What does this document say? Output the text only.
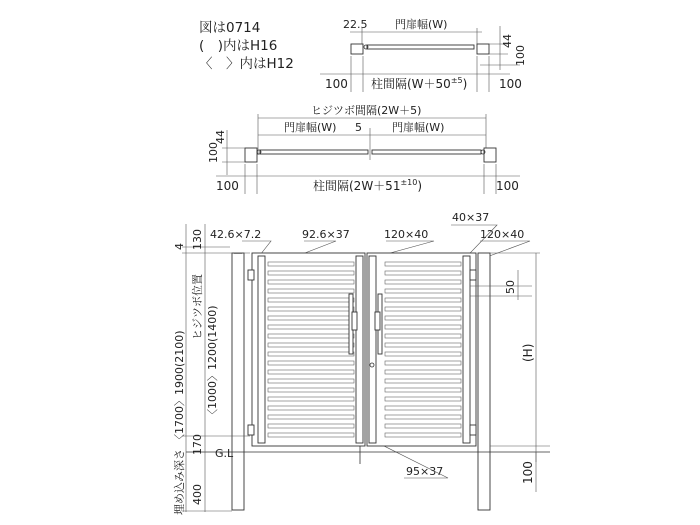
図は0714
(　)内はH16
〈　〉内はH12
22.5	門扉幅(W)
44
100
100 柱間隔$(W+50^{\pm 5})$	100
ヒジツボ間隔(2W＋5)
門扉幅(W) 5	門扉幅(W)
44
100
100	柱間隔$(2W+51^{\pm 10})$	100
42.6×7.2	92.6×37	120×40
40×37
120×40
95×37
G.L
4 130
〈1700〉1900(2100)
ヒジツボ位置 〈1000〉1200(1400)
170
埋め込み深さ 400
50
(H)
100
